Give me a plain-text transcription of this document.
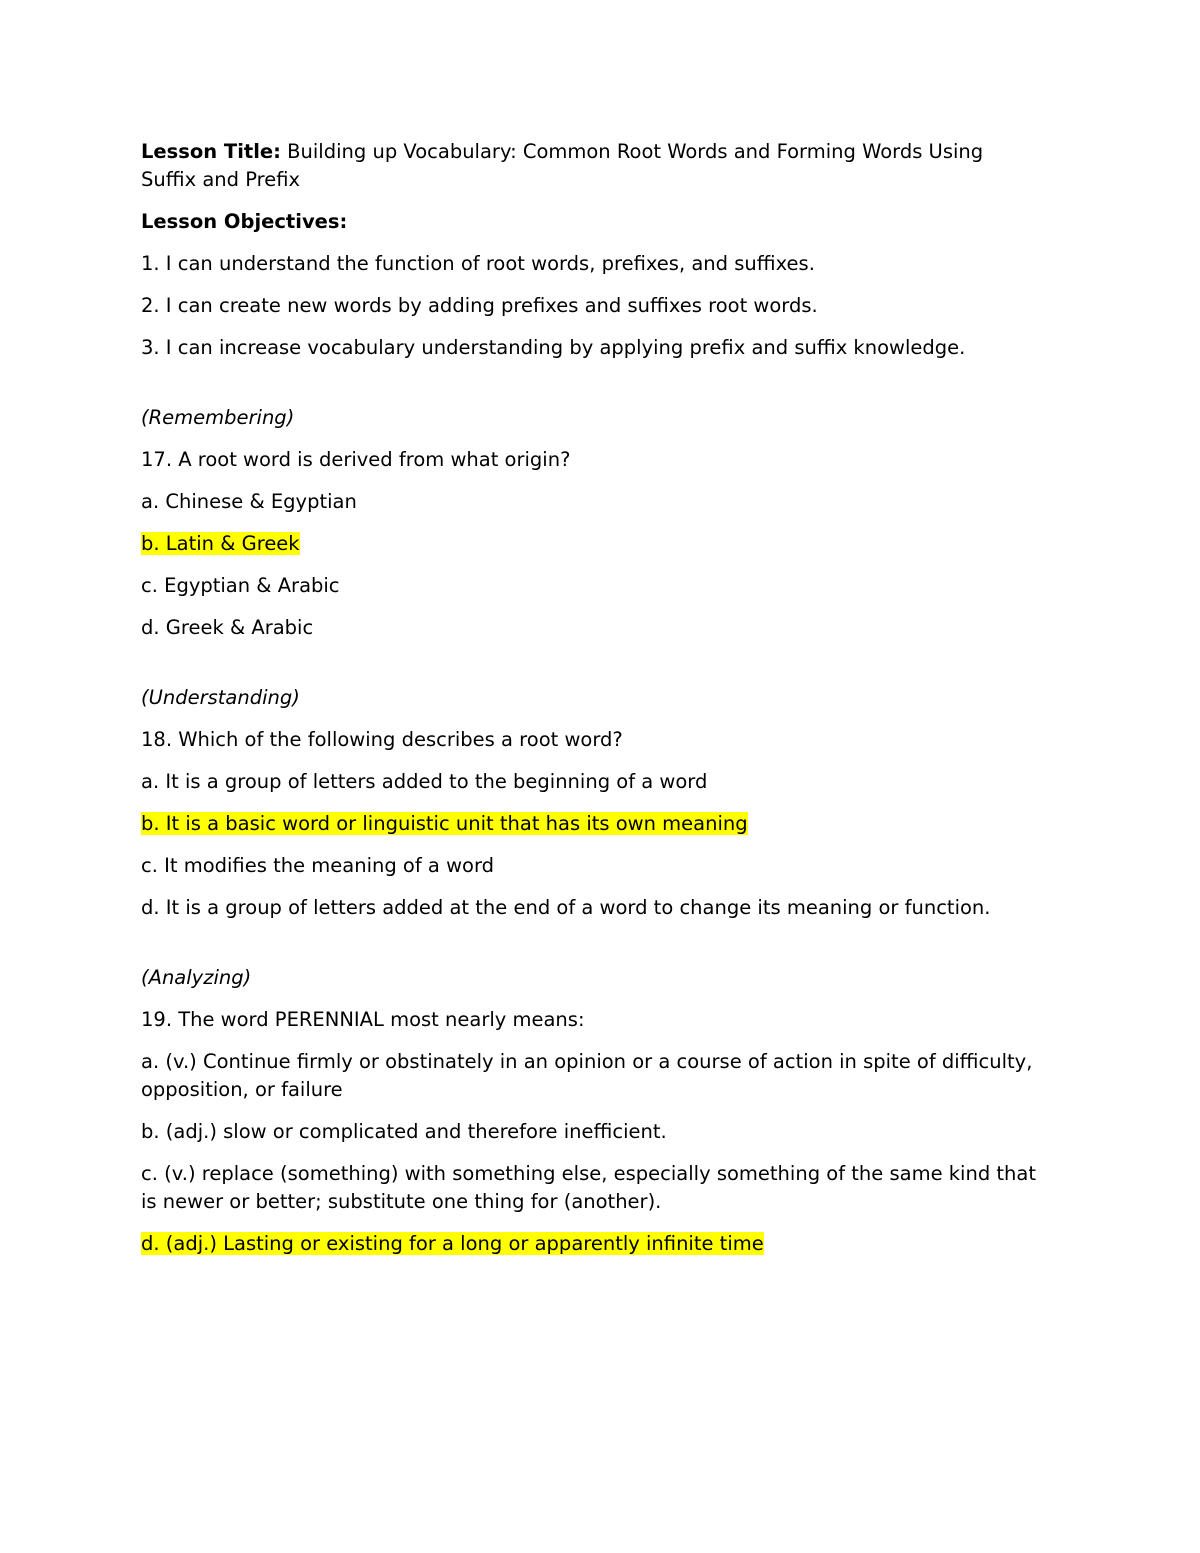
Lesson Title: Building up Vocabulary: Common Root Words and Forming Words Using Suffix and Prefix

Lesson Objectives:

1. I can understand the function of root words, prefixes, and suffixes.

2. I can create new words by adding prefixes and suffixes root words.

3. I can increase vocabulary understanding by applying prefix and suffix knowledge.

(Remembering)

17. A root word is derived from what origin?

a. Chinese & Egyptian

b. Latin & Greek

c. Egyptian & Arabic

d. Greek & Arabic

(Understanding)

18. Which of the following describes a root word?

a. It is a group of letters added to the beginning of a word

b. It is a basic word or linguistic unit that has its own meaning

c. It modifies the meaning of a word

d. It is a group of letters added at the end of a word to change its meaning or function.

(Analyzing)

19. The word PERENNIAL most nearly means:

a. (v.) Continue firmly or obstinately in an opinion or a course of action in spite of difficulty, opposition, or failure

b. (adj.) slow or complicated and therefore inefficient.

c. (v.) replace (something) with something else, especially something of the same kind that is newer or better; substitute one thing for (another).

d. (adj.) Lasting or existing for a long or apparently infinite time
